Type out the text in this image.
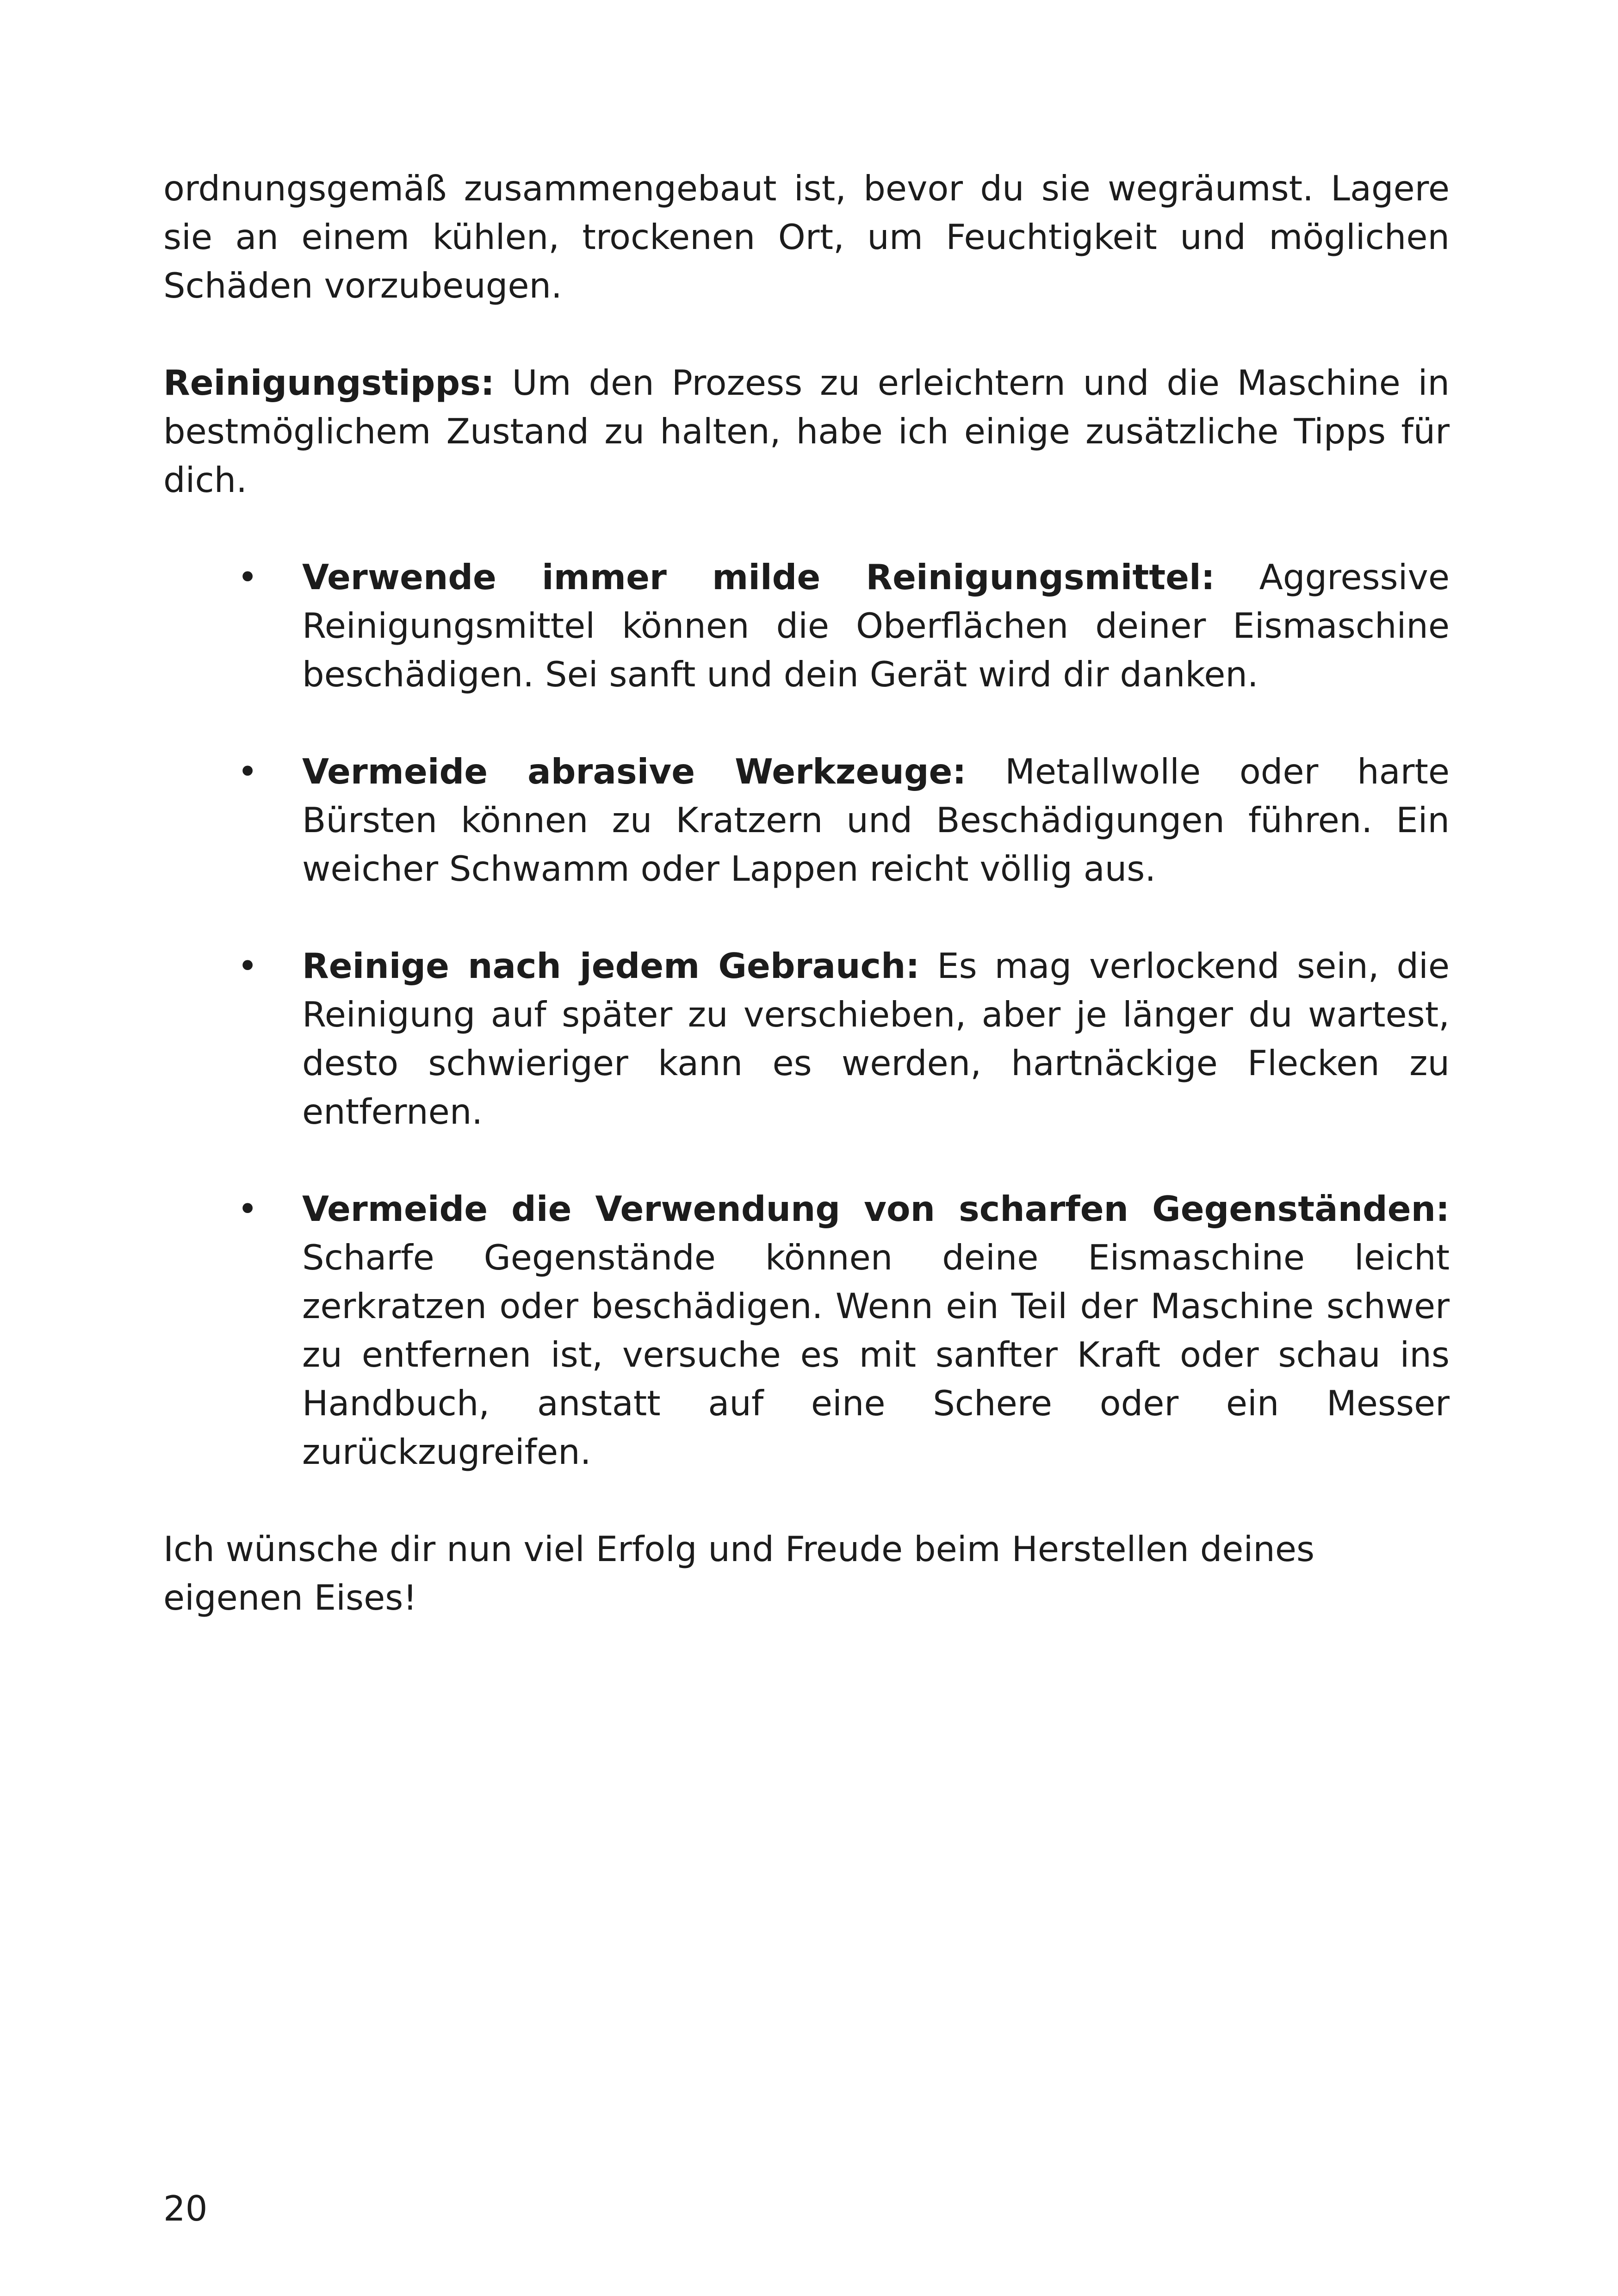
ordnungsgemäß zusammengebaut ist, bevor du sie wegräumst. Lagere sie an einem kühlen, trockenen Ort, um Feuchtigkeit und möglichen Schäden vorzubeugen.

Reinigungstipps: Um den Prozess zu erleichtern und die Maschine in bestmöglichem Zustand zu halten, habe ich einige zusätzliche Tipps für dich.

• Verwende immer milde Reinigungsmittel: Aggressive Reinigungsmittel können die Oberflächen deiner Eismaschine beschädigen. Sei sanft und dein Gerät wird dir danken.
• Vermeide abrasive Werkzeuge: Metallwolle oder harte Bürsten können zu Kratzern und Beschädigungen führen. Ein weicher Schwamm oder Lappen reicht völlig aus.
• Reinige nach jedem Gebrauch: Es mag verlockend sein, die Reinigung auf später zu verschieben, aber je länger du wartest, desto schwieriger kann es werden, hartnäckige Flecken zu entfernen.
• Vermeide die Verwendung von scharfen Gegenständen: Scharfe Gegenstände können deine Eismaschine leicht zerkratzen oder beschädigen. Wenn ein Teil der Maschine schwer zu entfernen ist, versuche es mit sanfter Kraft oder schau ins Handbuch, anstatt auf eine Schere oder ein Messer zurückzugreifen.

Ich wünsche dir nun viel Erfolg und Freude beim Herstellen deines eigenen Eises!

20
